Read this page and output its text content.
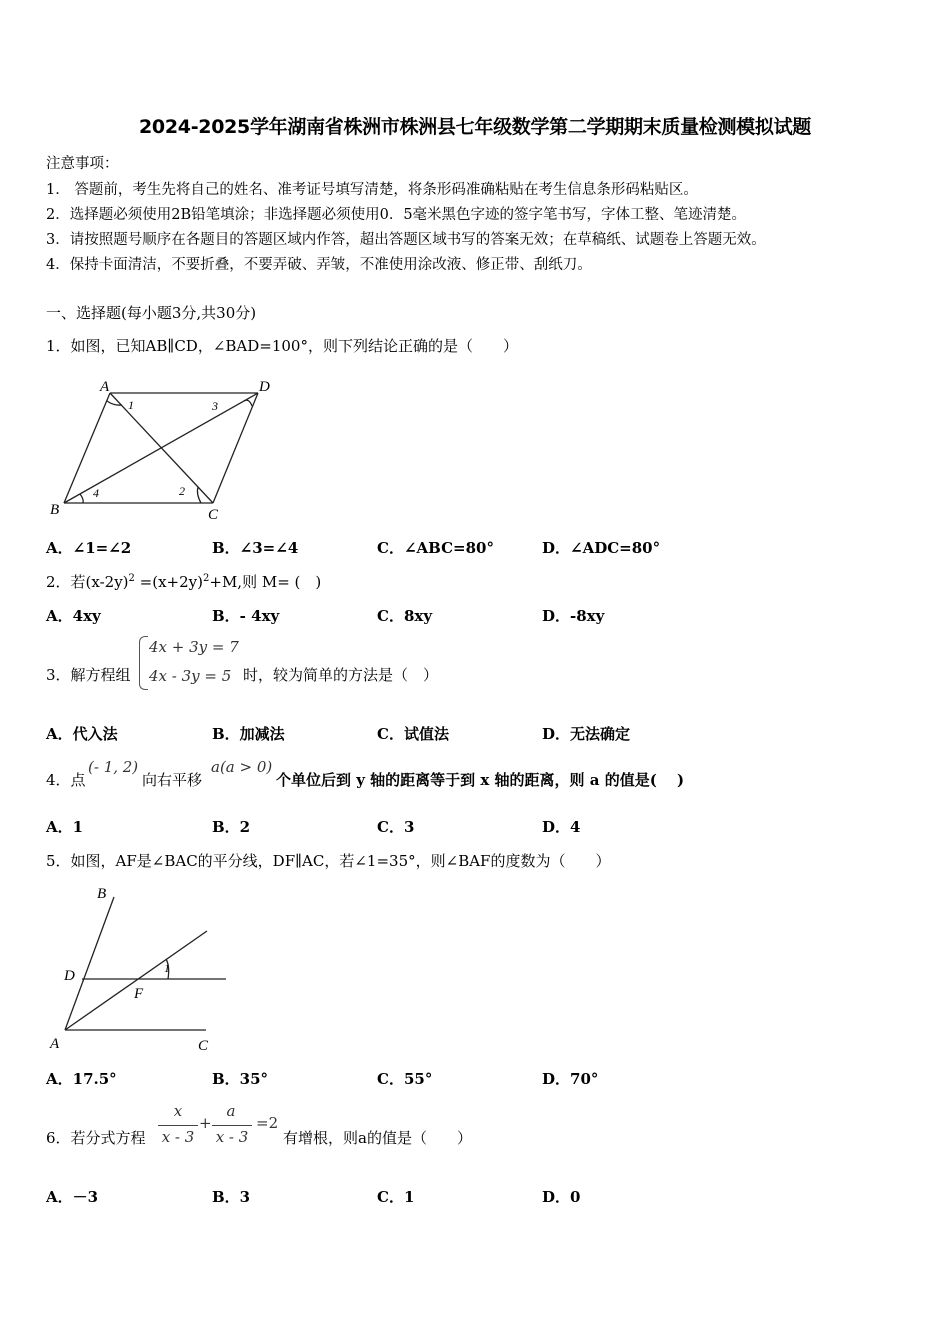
2024-2025学年湖南省株洲市株洲县七年级数学第二学期期末质量检测模拟试题
注意事项：
1． 答题前，考生先将自己的姓名、准考证号填写清楚，将条形码准确粘贴在考生信息条形码粘贴区。
2．选择题必须使用2B铅笔填涂；非选择题必须使用0．5毫米黑色字迹的签字笔书写，字体工整、笔迹清楚。
3．请按照题号顺序在各题目的答题区域内作答，超出答题区域书写的答案无效；在草稿纸、试题卷上答题无效。
4．保持卡面清洁，不要折叠，不要弄破、弄皱，不准使用涂改液、修正带、刮纸刀。
一、选择题(每小题3分,共30分)
1．如图，已知AB∥CD，∠BAD=100°，则下列结论正确的是（　　）
A	D
B	C
1	3
4	2
A．∠1=∠2	B．∠3=∠4	C．∠ABC=80°	D．∠ADC=80°
2．若$(x-2y)^2 =(x+2y)^2+M$,则 M= (　)
A．4xy	B．- 4xy	C．8xy	D．-8xy
3．解方程组
4x + 3y = 7
4x - 3y = 5 时，较为简单的方法是（　）
A．代入法	B．加减法	C．试值法	D．无法确定
4．点
(- 1, 2)
向右平移
a(a > 0)
个单位后到 y 轴的距离等于到 x 轴的距离，则 a 的值是(　 )
A．1	B．2	C．3	D．4
5．如图，AF是∠BAC的平分线，DF∥AC，若∠1=35°，则∠BAF的度数为（　　）
B
D
F
A	C
1
A．17.5°	B．35°	C．55°	D．70°
6．若分式方程
x
x - 3
+
a
x - 3
=2
有增根，则a的值是（　　）
A．－3	B．3	C．1	D．0
